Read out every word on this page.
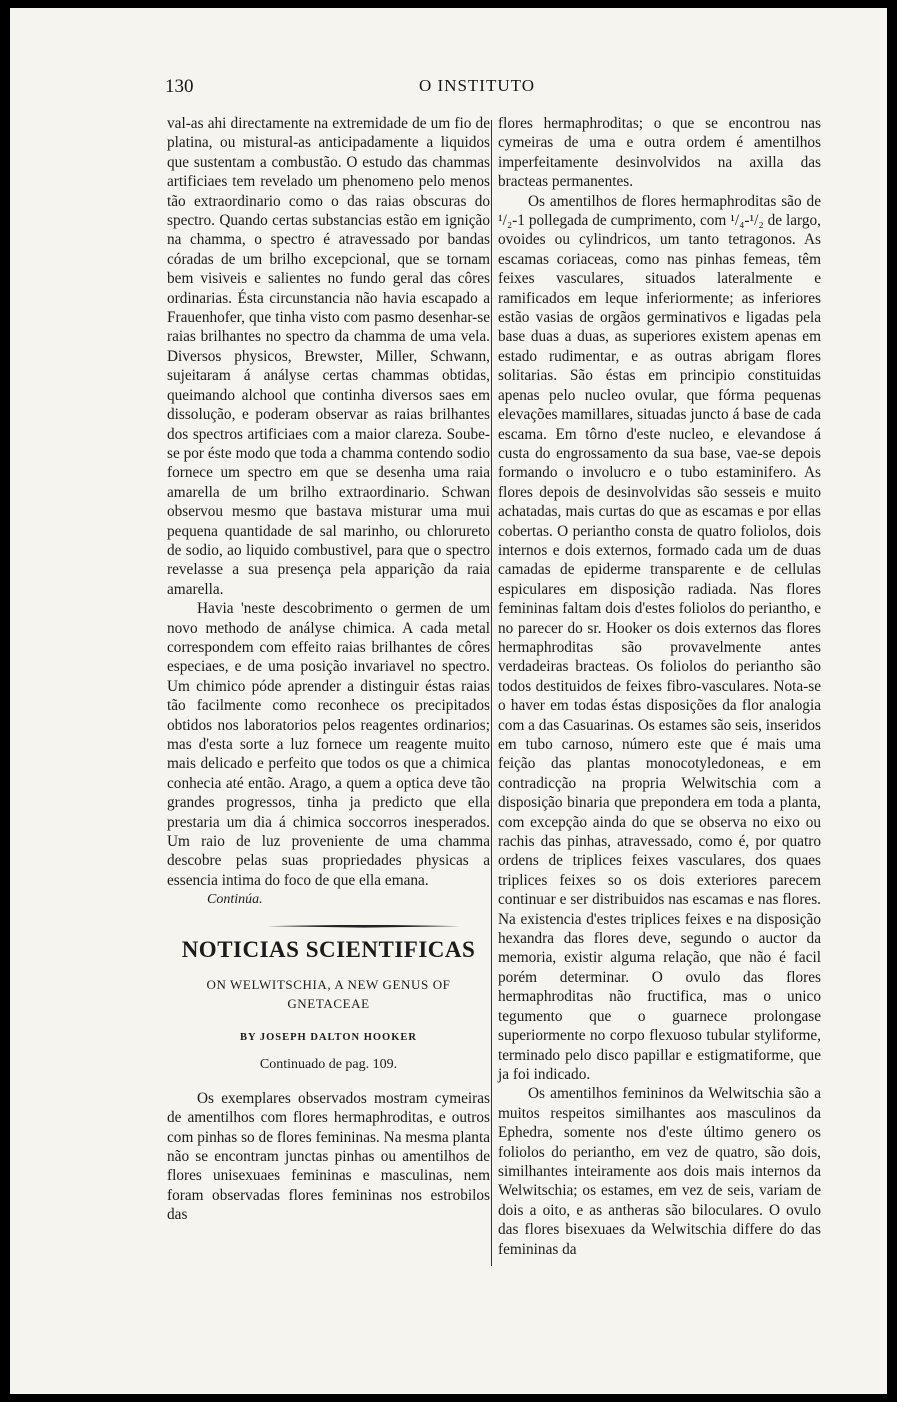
130	O INSTITUTO

val-as ahi directamente na extremidade de um fio de platina, ou mistural-as anticipadamente a liquidos que sustentam a combustão. O estudo das chammas artificiaes tem revelado um phenomeno pelo menos tão extraordinario como o das raias obscuras do spectro. Quando certas substancias estão em ignição na chamma, o spectro é atravessado por bandas córadas de um brilho excepcional, que se tornam bem visiveis e salientes no fundo geral das côres ordinarias. Ésta circunstancia não havia escapado a Frauenhofer, que tinha visto com pasmo desenhar-se raias brilhantes no spectro da chamma de uma vela. Diversos physicos, Brewster, Miller, Schwann, sujeitaram á anályse certas chammas obtidas, queimando alchool que continha diversos saes em dissolução, e poderam observar as raias brilhantes dos spectros artificiaes com a maior clareza. Soube-se por éste modo que toda a chamma contendo sodio fornece um spectro em que se desenha uma raia amarella de um brilho extraordinario. Schwan observou mesmo que bastava misturar uma mui pequena quantidade de sal marinho, ou chlorureto de sodio, ao liquido combustivel, para que o spectro revelasse a sua presença pela apparição da raia amarella.

Havia 'neste descobrimento o germen de um novo methodo de anályse chimica. A cada metal correspondem com effeito raias brilhantes de côres especiaes, e de uma posição invariavel no spectro. Um chimico póde aprender a distinguir éstas raias tão facilmente como reconhece os precipitados obtidos nos laboratorios pelos reagentes ordinarios; mas d'esta sorte a luz fornece um reagente muito mais delicado e perfeito que todos os que a chimica conhecia até então. Arago, a quem a optica deve tão grandes progressos, tinha ja predicto que ella prestaria um dia á chimica soccorros inesperados. Um raio de luz proveniente de uma chamma descobre pelas suas propriedades physicas a essencia intima do foco de que ella emana.

Continúa.

NOTICIAS SCIENTIFICAS
ON WELWITSCHIA, A NEW GENUS OF GNETACEAE
BY JOSEPH DALTON HOOKER
Continuado de pag. 109.

Os exemplares observados mostram cymeiras de amentilhos com flores hermaphroditas, e outros com pinhas so de flores femininas. Na mesma planta não se encontram junctas pinhas ou amentilhos de flores unisexuaes femininas e masculinas, nem foram observadas flores femininas nos estrobilos das

flores hermaphroditas; o que se encontrou nas cymeiras de uma e outra ordem é amentilhos imperfeitamente desinvolvidos na axilla das bracteas permanentes.

Os amentilhos de flores hermaphroditas são de ¹/₂-1 pollegada de cumprimento, com ¹/₄-¹/₂ de largo, ovoides ou cylindricos, um tanto tetragonos. As escamas coriaceas, como nas pinhas femeas, têm feixes vasculares, situados lateralmente e ramificados em leque inferiormente; as inferiores estão vasias de orgãos germinativos e ligadas pela base duas a duas, as superiores existem apenas em estado rudimentar, e as outras abrigam flores solitarias. São éstas em principio constituidas apenas pelo nucleo ovular, que fórma pequenas elevações mamillares, situadas juncto á base de cada escama. Em tôrno d'este nucleo, e elevandose á custa do engrossamento da sua base, vae-se depois formando o involucro e o tubo estaminifero. As flores depois de desinvolvidas são sesseis e muito achatadas, mais curtas do que as escamas e por ellas cobertas. O perianthо consta de quatro foliolos, dois internos e dois externos, formado cada um de duas camadas de epiderme transparente e de cellulas espiculares em disposição radiada. Nas flores femininas faltam dois d'estes foliolos do perianthо, e no parecer do sr. Hooker os dois externos das flores hermaphroditas são provavelmente antes verdadeiras bracteas. Os foliolos do perianthо são todos destituidos de feixes fibro-vasculares. Nota-se o haver em todas éstas disposições da flor analogia com a das Casuarinas. Os estames são seis, inseridos em tubo carnoso, número este que é mais uma feição das plantas monocotyledoneas, e em contradicção na propria Welwitschia com a disposição binaria que prepondera em toda a planta, com excepção ainda do que se observa no eixo ou rachis das pinhas, atravessado, como é, por quatro ordens de triplices feixes vasculares, dos quaes triplices feixes so os dois exteriores parecem continuar e ser distribuidos nas escamas e nas flores. Na existencia d'estes triplices feixes e na disposição hexandra das flores deve, segundo o auctor da memoria, existir alguma relação, que não é facil porém determinar. O ovulo das flores hermaphroditas não fructifica, mas o unico tegumento que o guarnece prolongase superiormente no corpo flexuoso tubular styliforme, terminado pelo disco papillar e estigmatiforme, que ja foi indicado.

Os amentilhos femininos da Welwitschia são a muitos respeitos similhantes aos masculinos da Ephedra, somente nos d'este último genero os foliolos do perianthо, em vez de quatro, são dois, similhantes inteiramente aos dois mais internos da Welwitschia; os estames, em vez de seis, variam de dois a oito, e as antheras são biloculares. O ovulo das flores bisexuaes da Welwitschia differe do das femininas da
